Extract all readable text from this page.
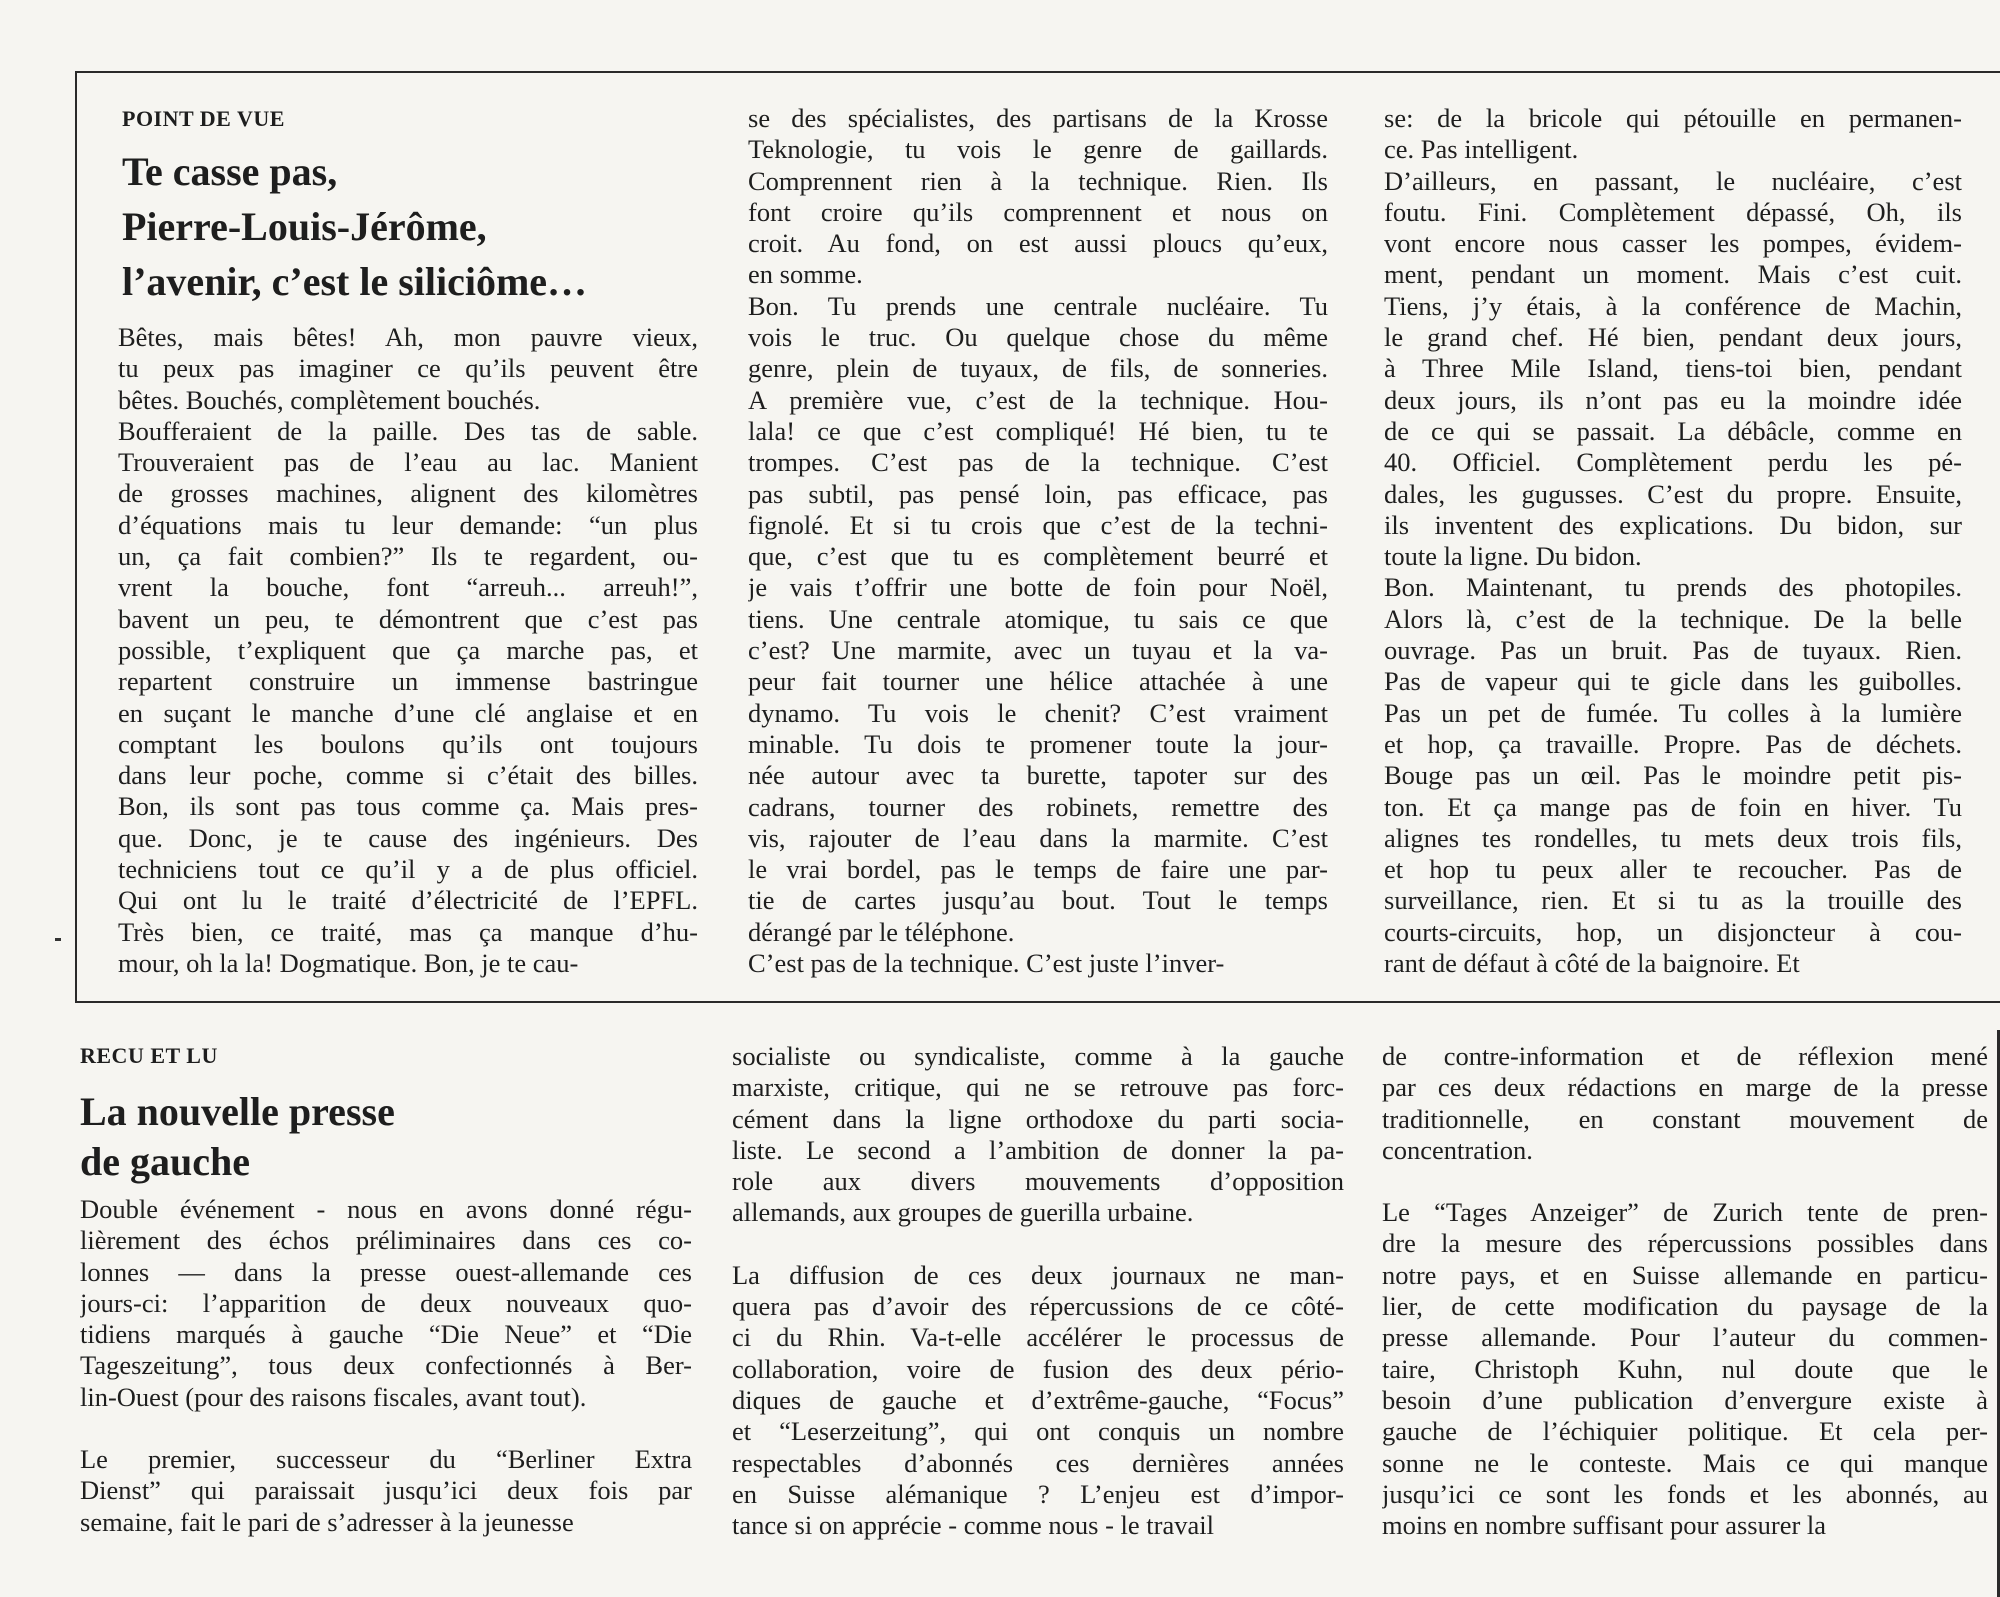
POINT DE VUE

Te casse pas,
Pierre-Louis-Jérôme,
l’avenir, c’est le siliciôme…
Bêtes, mais bêtes! Ah, mon pauvre vieux,
tu peux pas imaginer ce qu’ils peuvent être
bêtes. Bouchés, complètement bouchés.
Boufferaient de la paille. Des tas de sable.
Trouveraient pas de l’eau au lac. Manient
de grosses machines, alignent des kilomètres
d’équations mais tu leur demande: “un plus
un, ça fait combien?” Ils te regardent, ou-
vrent la bouche, font “arreuh... arreuh!”,
bavent un peu, te démontrent que c’est pas
possible, t’expliquent que ça marche pas, et
repartent construire un immense bastringue
en suçant le manche d’une clé anglaise et en
comptant les boulons qu’ils ont toujours
dans leur poche, comme si c’était des billes.
Bon, ils sont pas tous comme ça. Mais pres-
que. Donc, je te cause des ingénieurs. Des
techniciens tout ce qu’il y a de plus officiel.
Qui ont lu le traité d’électricité de l’EPFL.
Très bien, ce traité, mas ça manque d’hu-
mour, oh la la! Dogmatique. Bon, je te cau-
se des spécialistes, des partisans de la Krosse
Teknologie, tu vois le genre de gaillards.
Comprennent rien à la technique. Rien. Ils
font croire qu’ils comprennent et nous on
croit. Au fond, on est aussi ploucs qu’eux,
en somme.
Bon. Tu prends une centrale nucléaire. Tu
vois le truc. Ou quelque chose du même
genre, plein de tuyaux, de fils, de sonneries.
A première vue, c’est de la technique. Hou-
lala! ce que c’est compliqué! Hé bien, tu te
trompes. C’est pas de la technique. C’est
pas subtil, pas pensé loin, pas efficace, pas
fignolé. Et si tu crois que c’est de la techni-
que, c’est que tu es complètement beurré et
je vais t’offrir une botte de foin pour Noël,
tiens. Une centrale atomique, tu sais ce que
c’est? Une marmite, avec un tuyau et la va-
peur fait tourner une hélice attachée à une
dynamo. Tu vois le chenit? C’est vraiment
minable. Tu dois te promener toute la jour-
née autour avec ta burette, tapoter sur des
cadrans, tourner des robinets, remettre des
vis, rajouter de l’eau dans la marmite. C’est
le vrai bordel, pas le temps de faire une par-
tie de cartes jusqu’au bout. Tout le temps
dérangé par le téléphone.
C’est pas de la technique. C’est juste l’inver-
se: de la bricole qui pétouille en permanen-
ce. Pas intelligent.
D’ailleurs, en passant, le nucléaire, c’est
foutu. Fini. Complètement dépassé, Oh, ils
vont encore nous casser les pompes, évidem-
ment, pendant un moment. Mais c’est cuit.
Tiens, j’y étais, à la conférence de Machin,
le grand chef. Hé bien, pendant deux jours,
à Three Mile Island, tiens-toi bien, pendant
deux jours, ils n’ont pas eu la moindre idée
de ce qui se passait. La débâcle, comme en
40. Officiel. Complètement perdu les pé-
dales, les gugusses. C’est du propre. Ensuite,
ils inventent des explications. Du bidon, sur
toute la ligne. Du bidon.
Bon. Maintenant, tu prends des photopiles.
Alors là, c’est de la technique. De la belle
ouvrage. Pas un bruit. Pas de tuyaux. Rien.
Pas de vapeur qui te gicle dans les guibolles.
Pas un pet de fumée. Tu colles à la lumière
et hop, ça travaille. Propre. Pas de déchets.
Bouge pas un œil. Pas le moindre petit pis-
ton. Et ça mange pas de foin en hiver. Tu
alignes tes rondelles, tu mets deux trois fils,
et hop tu peux aller te recoucher. Pas de
surveillance, rien. Et si tu as la trouille des
courts-circuits, hop, un disjoncteur à cou-
rant de défaut à côté de la baignoire. Et

RECU ET LU

La nouvelle presse
de gauche
Double événement - nous en avons donné régu-
lièrement des échos préliminaires dans ces co-
lonnes — dans la presse ouest-allemande ces
jours-ci: l’apparition de deux nouveaux quo-
tidiens marqués à gauche “Die Neue” et “Die
Tageszeitung”, tous deux confectionnés à Ber-
lin-Ouest (pour des raisons fiscales, avant tout).
Le premier, successeur du “Berliner Extra
Dienst” qui paraissait jusqu’ici deux fois par
semaine, fait le pari de s’adresser à la jeunesse
socialiste ou syndicaliste, comme à la gauche
marxiste, critique, qui ne se retrouve pas forc-
cément dans la ligne orthodoxe du parti socia-
liste. Le second a l’ambition de donner la pa-
role aux divers mouvements d’opposition
allemands, aux groupes de guerilla urbaine.
La diffusion de ces deux journaux ne man-
quera pas d’avoir des répercussions de ce côté-
ci du Rhin. Va-t-elle accélérer le processus de
collaboration, voire de fusion des deux pério-
diques de gauche et d’extrême-gauche, “Focus”
et “Leserzeitung”, qui ont conquis un nombre
respectables d’abonnés ces dernières années
en Suisse alémanique ? L’enjeu est d’impor-
tance si on apprécie - comme nous - le travail
de contre-information et de réflexion mené
par ces deux rédactions en marge de la presse
traditionnelle, en constant mouvement de
concentration.
Le “Tages Anzeiger” de Zurich tente de pren-
dre la mesure des répercussions possibles dans
notre pays, et en Suisse allemande en particu-
lier, de cette modification du paysage de la
presse allemande. Pour l’auteur du commen-
taire, Christoph Kuhn, nul doute que le
besoin d’une publication d’envergure existe à
gauche de l’échiquier politique. Et cela per-
sonne ne le conteste. Mais ce qui manque
jusqu’ici ce sont les fonds et les abonnés, au
moins en nombre suffisant pour assurer la
